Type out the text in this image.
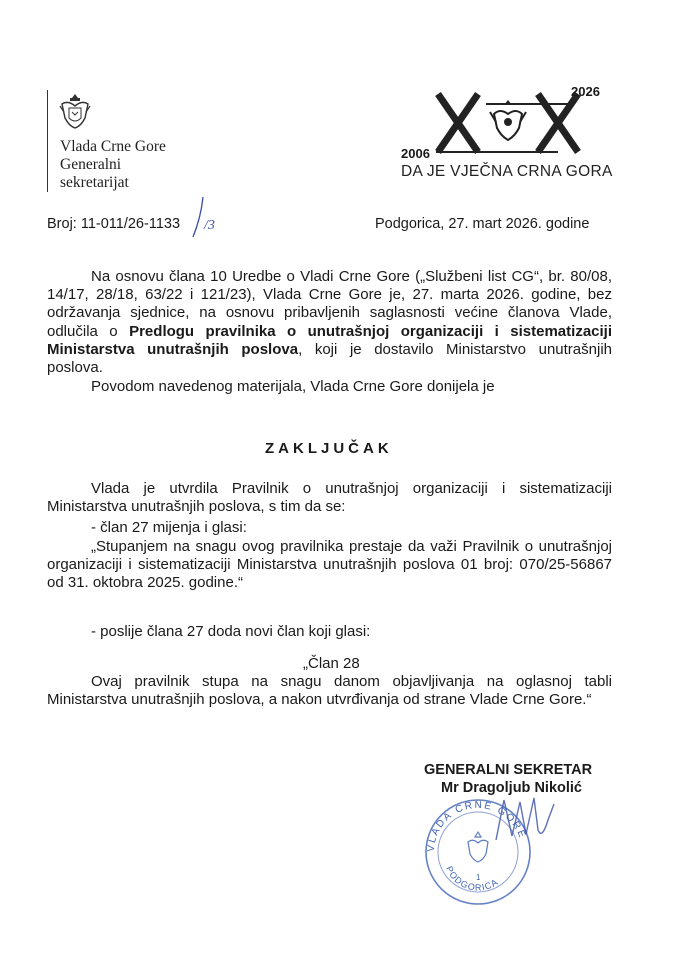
Vlada Crne Gore
Generalni
sekretarijat
2006
2026
DA JE VJEČNA CRNA GORA
Broj: 11-011/26-1133 /3	Podgorica, 27. mart 2026. godine
Na osnovu člana 10 Uredbe o Vladi Crne Gore („Službeni list CG“, br. 80/08, 14/17, 28/18, 63/22 i 121/23), Vlada Crne Gore je, 27. marta 2026. godine, bez održavanja sjednice, na osnovu pribavljenih saglasnosti većine članova Vlade, odlučila o Predlogu pravilnika o unutrašnjoj organizaciji i sistematizaciji Ministarstva unutrašnjih poslova, koji je dostavilo Ministarstvo unutrašnjih poslova.
Povodom navedenog materijala, Vlada Crne Gore donijela je
ZAKLJUČAK
Vlada je utvrdila Pravilnik o unutrašnjoj organizaciji i sistematizaciji Ministarstva unutrašnjih poslova, s tim da se:
- član 27 mijenja i glasi:
„Stupanjem na snagu ovog pravilnika prestaje da važi Pravilnik o unutrašnjoj organizaciji i sistematizaciji Ministarstva unutrašnjih poslova 01 broj: 070/25-56867 od 31. oktobra 2025. godine.“
- poslije člana 27 doda novi član koji glasi:
„Član 28
Ovaj pravilnik stupa na snagu danom objavljivanja na oglasnoj tabli Ministarstva unutrašnjih poslova, a nakon utvrđivanja od strane Vlade Crne Gore.“
VLADA CRNE GORE
PODGORICA
1
GENERALNI SEKRETAR
Mr Dragoljub Nikolić
